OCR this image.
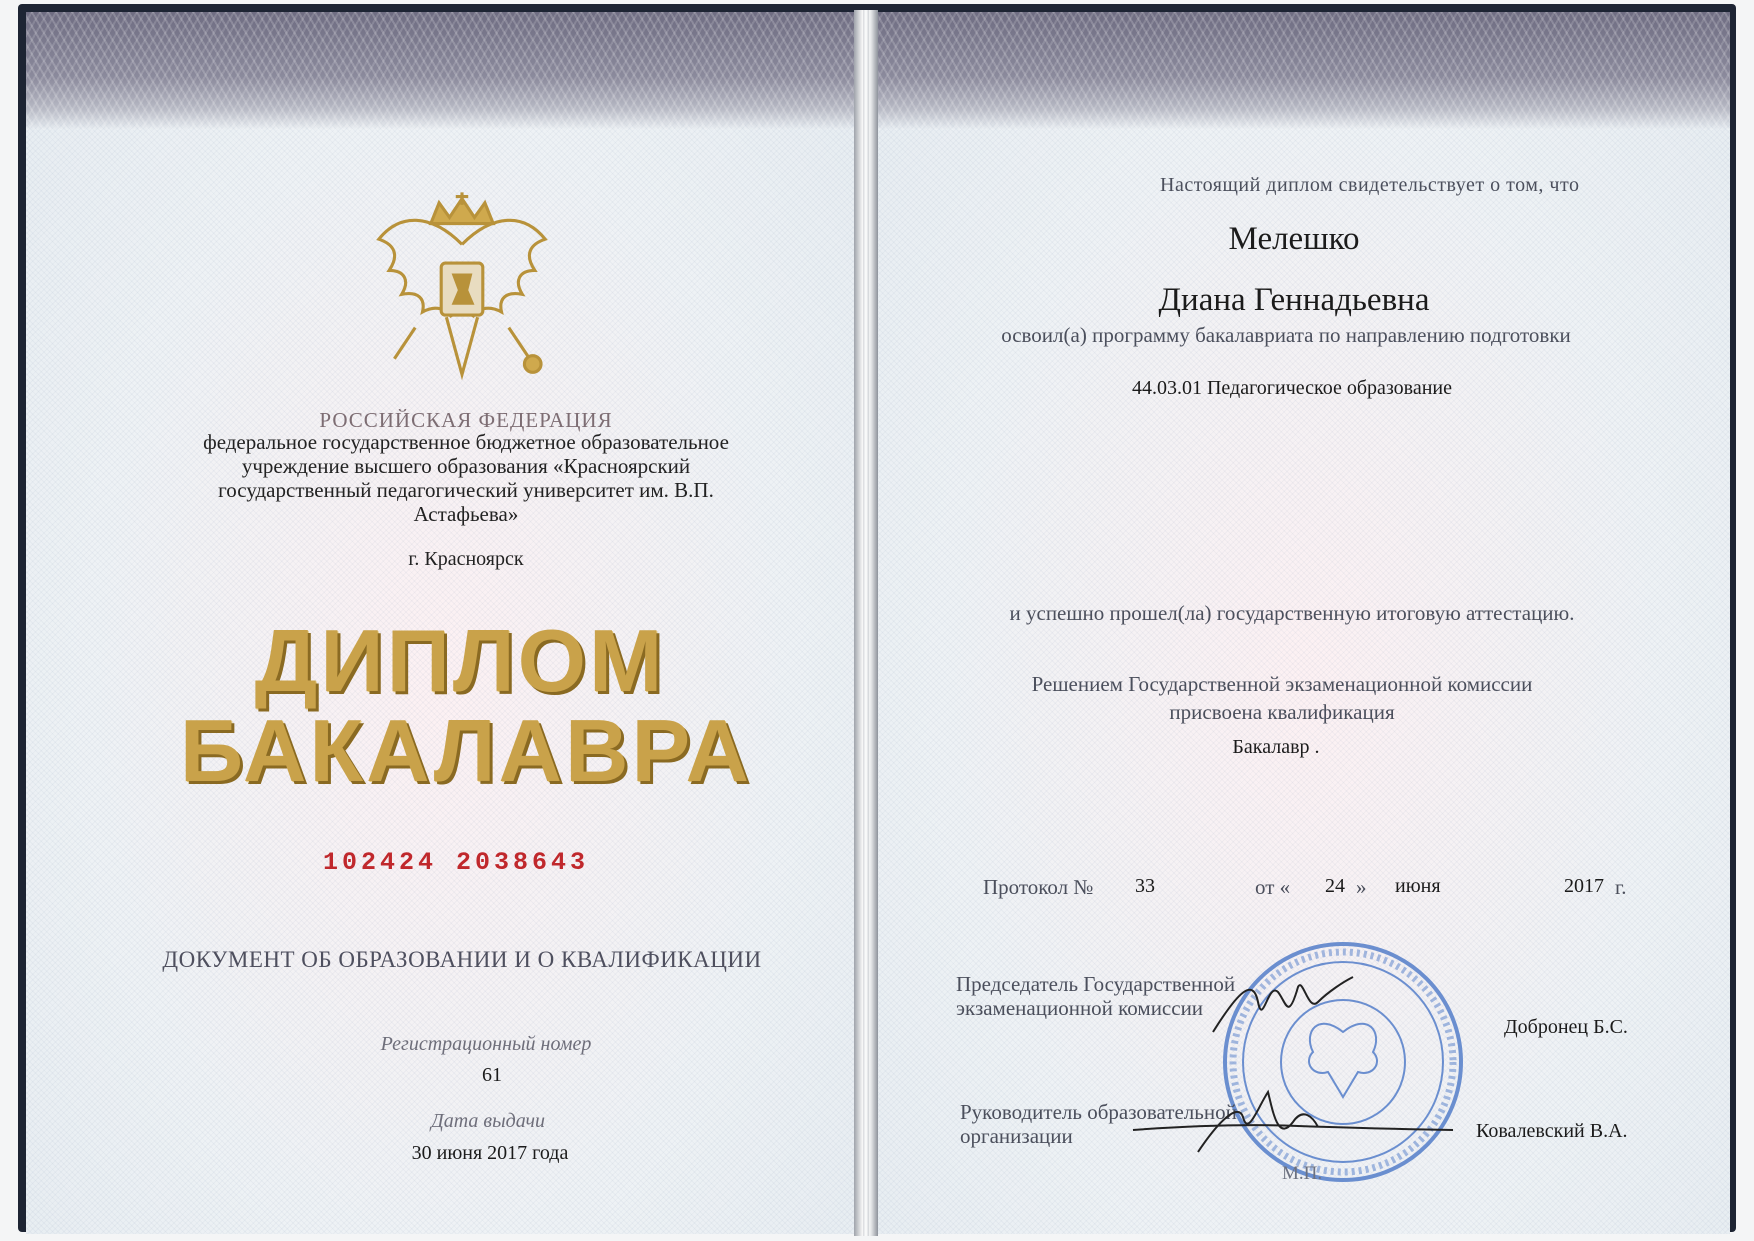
РОССИЙСКАЯ ФЕДЕРАЦИЯ
федеральное государственное бюджетное образовательное учреждение высшего образования «Красноярский государственный педагогический университет им. В.П. Астафьева»
г. Красноярск
ДИПЛОМ
БАКАЛАВРА
102424 2038643
ДОКУМЕНТ ОБ ОБРАЗОВАНИИ И О КВАЛИФИКАЦИИ
Регистрационный номер
61
Дата выдачи
30 июня 2017 года
Настоящий диплом свидетельствует о том, что
Мелешко
Диана Геннадьевна
освоил(а) программу бакалавриата по направлению подготовки
44.03.01 Педагогическое образование
и успешно прошел(ла) государственную итоговую аттестацию.
Решением Государственной экзаменационной комиссии
присвоена квалификация
Бакалавр .
Протокол № 33	от « 24 » июня	2017 г.
Председатель Государственной экзаменационной комиссии
Добронец Б.С.
Руководитель образовательной организации	Ковалевский В.А.
М.П.
